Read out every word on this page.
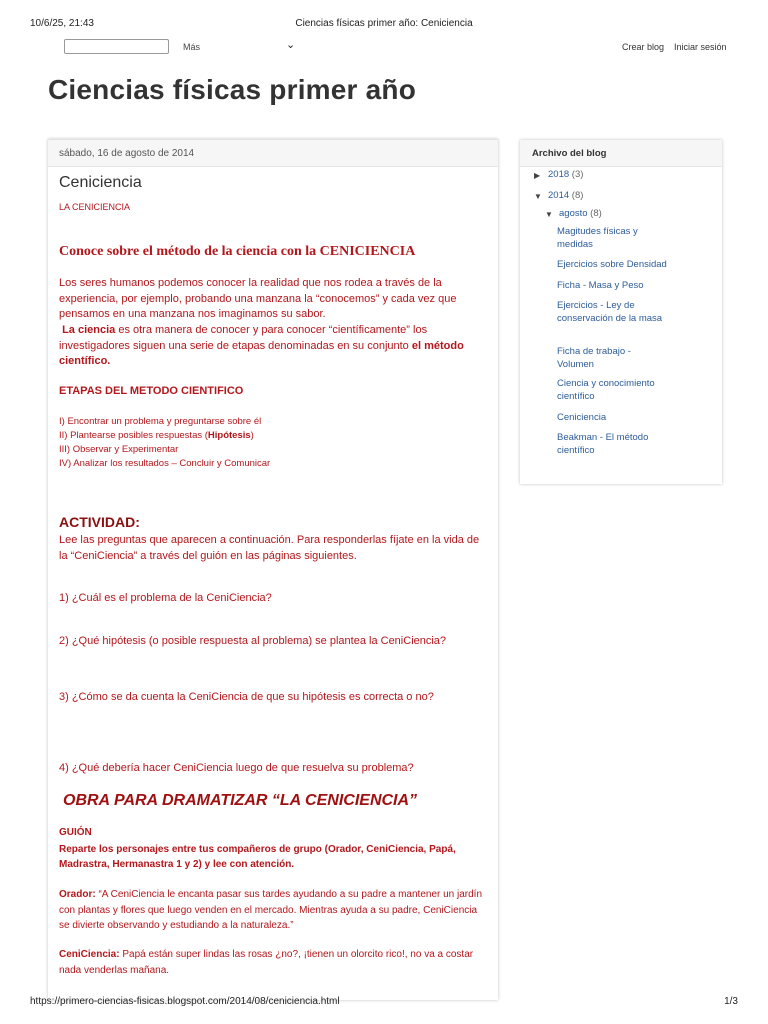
10/6/25, 21:43	Ciencias físicas primer año: Ceniciencia
Más	⌄	Crear blog Iniciar sesión
Ciencias físicas primer año
sábado, 16 de agosto de 2014
Ceniciencia
LA CENICIENCIA
Conoce sobre el método de la ciencia con la CENICIENCIA
Los seres humanos podemos conocer la realidad que nos rodea a través de la experiencia, por ejemplo, probando una manzana la “conocemos” y cada vez que pensamos en una manzana nos imaginamos su sabor.
La ciencia es otra manera de conocer y para conocer “científicamente” los investigadores siguen una serie de etapas denominadas en su conjunto el método científico.
ETAPAS DEL METODO CIENTIFICO
I) Encontrar un problema y preguntarse sobre él
II) Plantearse posibles respuestas (Hipótesis)
III) Observar y Experimentar
IV) Analizar los resultados – Concluir y Comunicar
ACTIVIDAD:
Lee las preguntas que aparecen a continuación. Para responderlas fíjate en la vida de la “CeniCiencia” a través del guión en las páginas siguientes.
1) ¿Cuál es el problema de la CeniCiencia?
2) ¿Qué hipótesis (o posible respuesta al problema) se plantea la CeniCiencia?
3) ¿Cómo se da cuenta la CeniCiencia de que su hipótesis es correcta o no?
4) ¿Qué debería hacer CeniCiencia luego de que resuelva su problema?
OBRA PARA DRAMATIZAR “LA CENICIENCIA”
GUIÓN
Reparte los personajes entre tus compañeros de grupo (Orador, CeniCiencia, Papá, Madrastra, Hermanastra 1 y 2) y lee con atención.
Orador: “A CeniCiencia le encanta pasar sus tardes ayudando a su padre a mantener un jardín con plantas y flores que luego venden en el mercado. Mientras ayuda a su padre, CeniCiencia se divierte observando y estudiando a la naturaleza.”
CeniCiencia: Papá están super lindas las rosas ¿no?, ¡tienen un olorcito rico!, no va a costar nada venderlas mañana.
Archivo del blog
▶ 2018 (3)
▼ 2014 (8)
▼ agosto (8)
Magitudes físicas y medidas
Ejercicios sobre Densidad
Ficha - Masa y Peso
Ejercicios - Ley de conservación de la masa
Ficha de trabajo - Volumen
Ciencia y conocimiento científico
Ceniciencia
Beakman - El método científico
https://primero-ciencias-fisicas.blogspot.com/2014/08/ceniciencia.html	1/3
